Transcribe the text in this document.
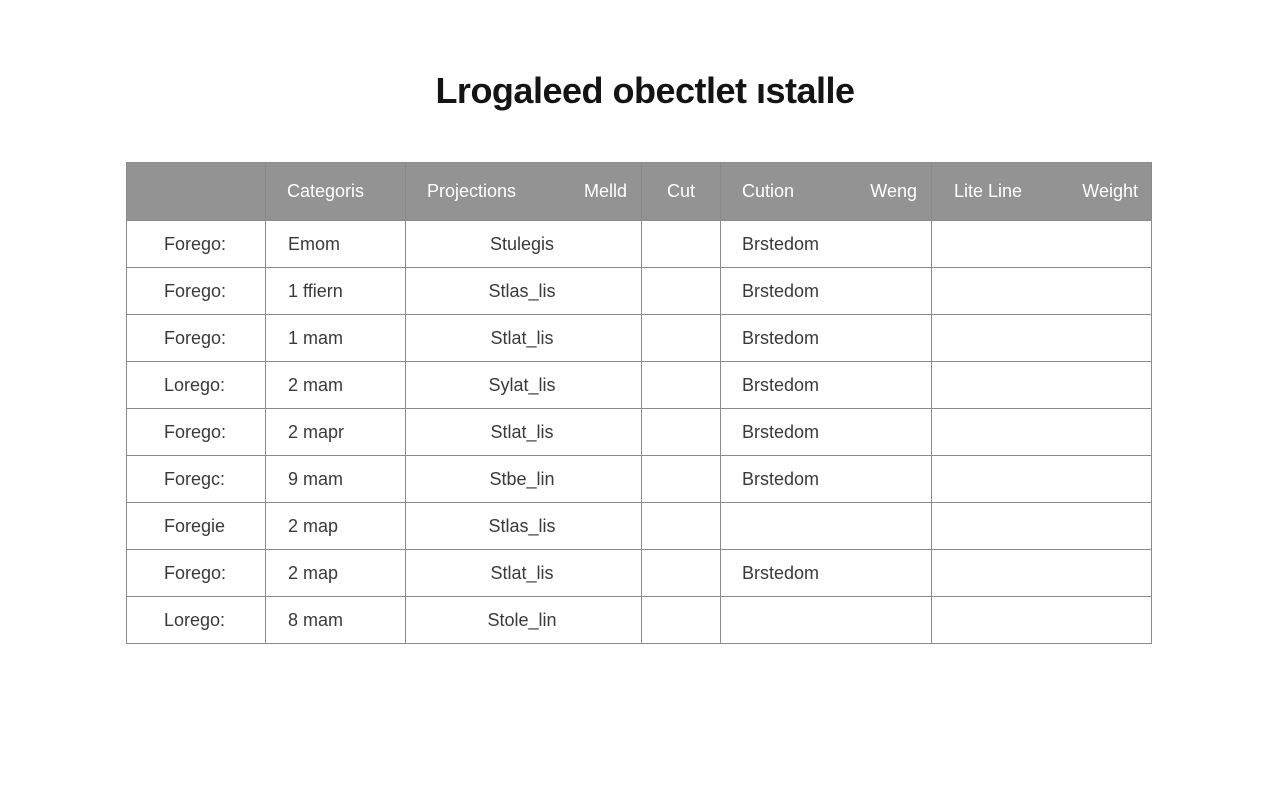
Lrogaleed obectlet ıstalle
	Categoris	Projections Melld	Cut	Cution Weng	Lite Line Weight

Forego:	Emom	Stulegis		Brstedom	
Forego:	1 ffiern	Stlas_lis		Brstedom	
Forego:	1 mam	Stlat_lis		Brstedom	
Lorego:	2 mam	Sylat_lis		Brstedom	
Forego:	2 mapr	Stlat_lis		Brstedom	
Foregc:	9 mam	Stbe_lin		Brstedom	
Foregie	2 map	Stlas_lis			
Forego:	2 map	Stlat_lis		Brstedom	
Lorego:	8 mam	Stole_lin			
